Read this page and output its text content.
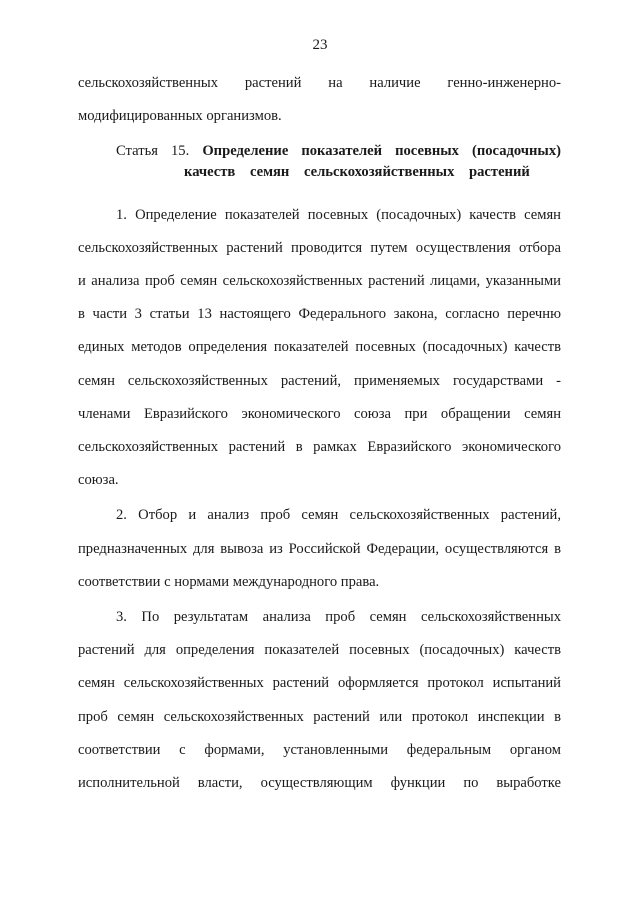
23
сельскохозяйственных растений на наличие генно-инженерно-
модифицированных организмов.
Статья 15. Определение показателей посевных (посадочных)
качеств семян сельскохозяйственных растений
1. Определение показателей посевных (посадочных) качеств семян
сельскохозяйственных растений проводится путем осуществления отбора
и анализа проб семян сельскохозяйственных растений лицами, указанными
в части 3 статьи 13 настоящего Федерального закона, согласно перечню
единых методов определения показателей посевных (посадочных) качеств
семян сельскохозяйственных растений, применяемых государствами -
членами Евразийского экономического союза при обращении семян
сельскохозяйственных растений в рамках Евразийского экономического
союза.
2. Отбор и анализ проб семян сельскохозяйственных растений,
предназначенных для вывоза из Российской Федерации, осуществляются в
соответствии с нормами международного права.
3. По результатам анализа проб семян сельскохозяйственных
растений для определения показателей посевных (посадочных) качеств
семян сельскохозяйственных растений оформляется протокол испытаний
проб семян сельскохозяйственных растений или протокол инспекции в
соответствии с формами, установленными федеральным органом
исполнительной власти, осуществляющим функции по выработке
